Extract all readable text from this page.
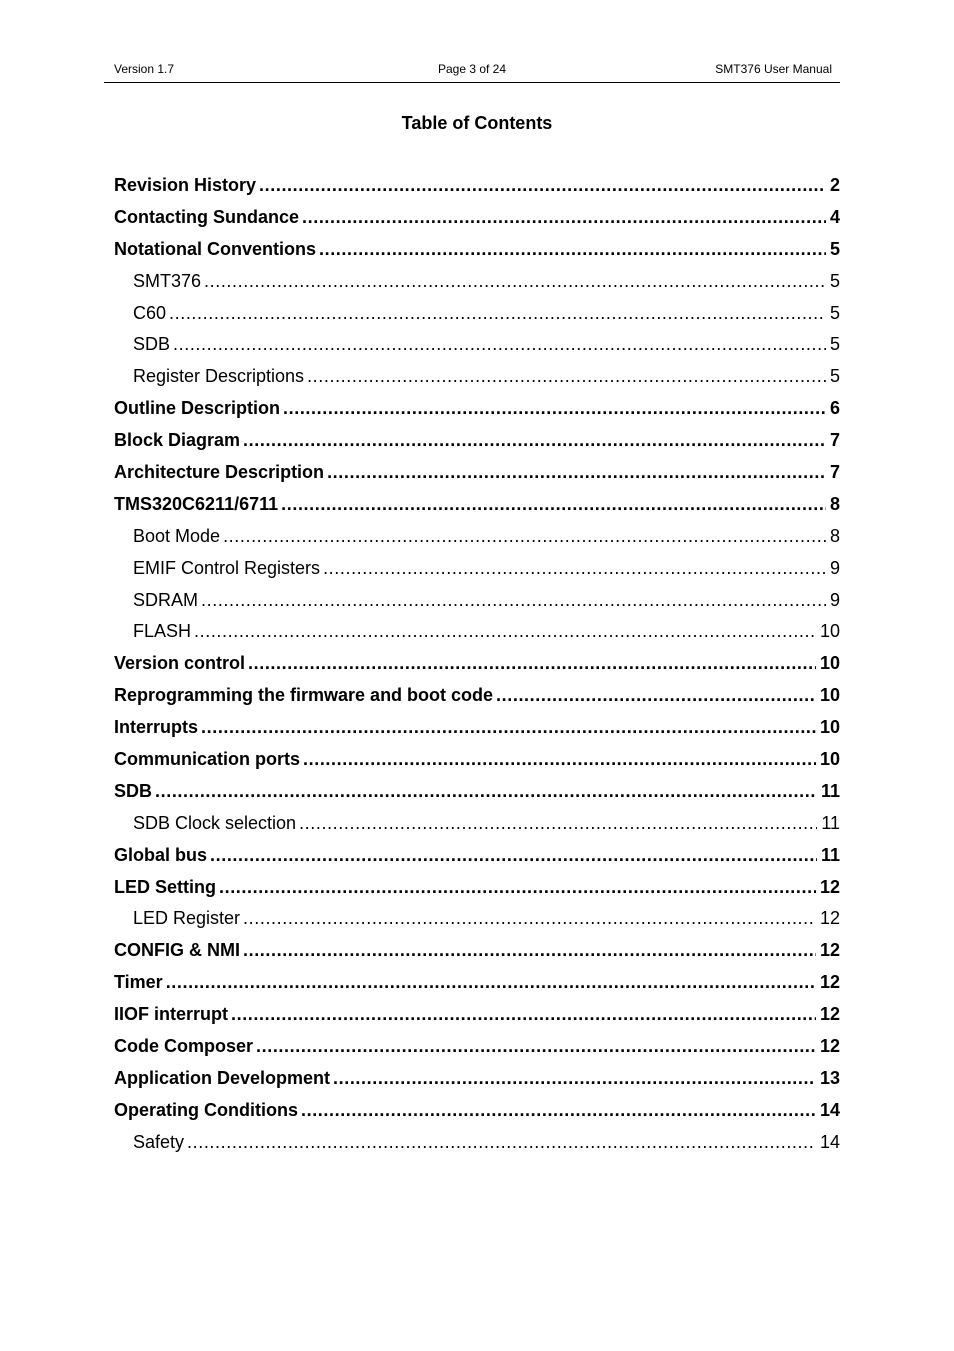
Version 1.7	Page 3 of 24	SMT376 User Manual
Table of Contents
Revision History .....	2
Contacting Sundance .....	4
Notational Conventions .....	5
SMT376 .....	5
C60 .....	5
SDB .....	5
Register Descriptions .....	5
Outline Description .....	6
Block Diagram .....	7
Architecture Description .....	7
TMS320C6211/6711 .....	8
Boot Mode .....	8
EMIF Control Registers .....	9
SDRAM .....	9
FLASH .....	10
Version control .....	10
Reprogramming the firmware and boot code .....	10
Interrupts .....	10
Communication ports .....	10
SDB .....	11
SDB Clock selection .....	11
Global bus .....	11
LED Setting .....	12
LED Register .....	12
CONFIG & NMI .....	12
Timer .....	12
IIOF interrupt .....	12
Code Composer .....	12
Application Development .....	13
Operating Conditions .....	14
Safety .....	14
